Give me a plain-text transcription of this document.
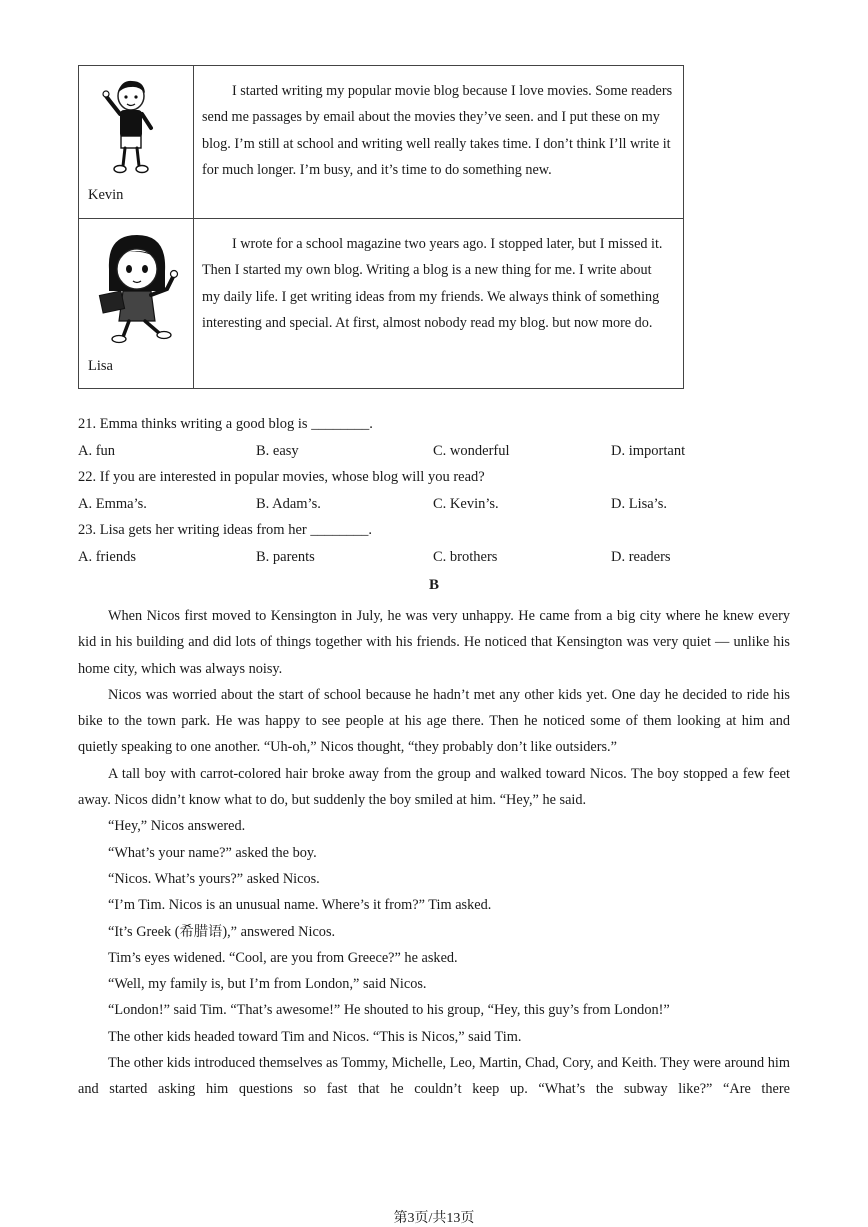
Kevin
I started writing my popular movie blog because I love movies. Some readers send me passages by email about the movies they’ve seen. and I put these on my blog. I’m still at school and writing well really takes time. I don’t think I’ll write it for much longer. I’m busy, and it’s time to do something new.
Lisa
I wrote for a school magazine two years ago. I stopped later, but I missed it. Then I started my own blog. Writing a blog is a new thing for me. I write about my daily life. I get writing ideas from my friends. We always think of something interesting and special. At first, almost nobody read my blog. but now more do.
21. Emma thinks writing a good blog is ________.
A. fun	B. easy	C. wonderful	D. important
22. If you are interested in popular movies, whose blog will you read?
A. Emma’s.	B. Adam’s.	C. Kevin’s.	D. Lisa’s.
23. Lisa gets her writing ideas from her ________.
A. friends	B. parents	C. brothers	D. readers
B

When Nicos first moved to Kensington in July, he was very unhappy. He came from a big city where he knew every kid in his building and did lots of things together with his friends. He noticed that Kensington was very quiet — unlike his home city, which was always noisy.

Nicos was worried about the start of school because he hadn’t met any other kids yet. One day he decided to ride his bike to the town park. He was happy to see people at his age there. Then he noticed some of them looking at him and quietly speaking to one another. “Uh-oh,” Nicos thought, “they probably don’t like outsiders.”

A tall boy with carrot-colored hair broke away from the group and walked toward Nicos. The boy stopped a few feet away. Nicos didn’t know what to do, but suddenly the boy smiled at him. “Hey,” he said.

“Hey,” Nicos answered.

“What’s your name?” asked the boy.

“Nicos. What’s yours?” asked Nicos.

“I’m Tim. Nicos is an unusual name. Where’s it from?” Tim asked.

“It’s Greek (希腊语),” answered Nicos.

Tim’s eyes widened. “Cool, are you from Greece?” he asked.

“Well, my family is, but I’m from London,” said Nicos.

“London!” said Tim. “That’s awesome!” He shouted to his group, “Hey, this guy’s from London!”

The other kids headed toward Tim and Nicos. “This is Nicos,” said Tim.

The other kids introduced themselves as Tommy, Michelle, Leo, Martin, Chad, Cory, and Keith. They were around him and started asking him questions so fast that he couldn’t keep up. “What’s the subway like?” “Are there

第3页/共13页
